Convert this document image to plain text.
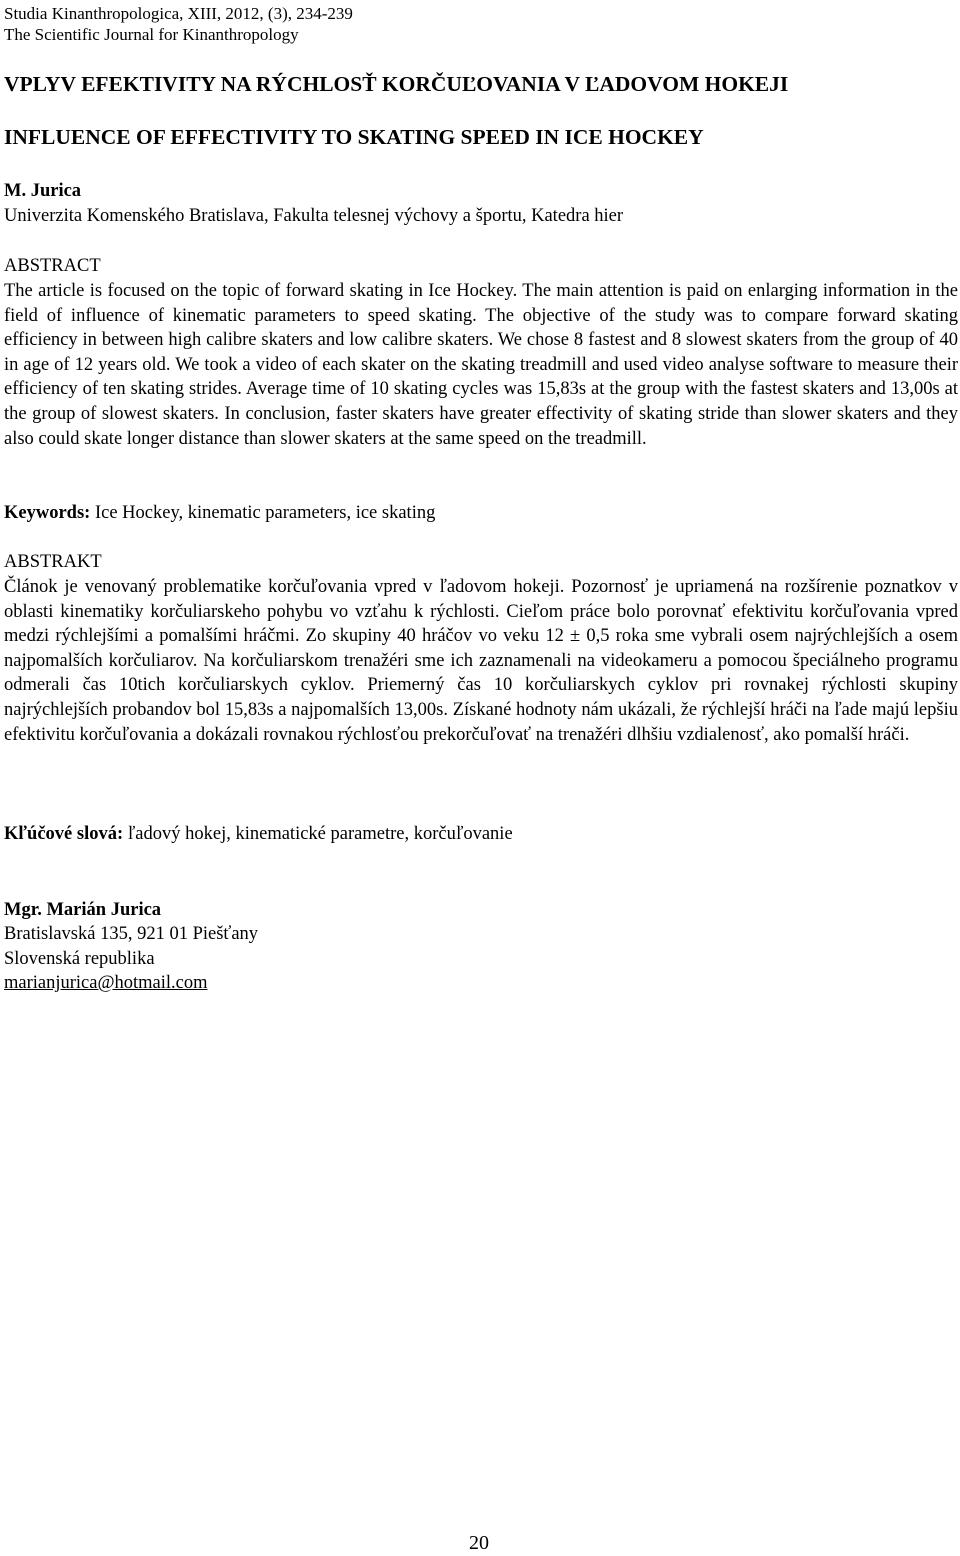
Studia Kinanthropologica, XIII, 2012, (3), 234-239
The Scientific Journal for Kinanthropology
VPLYV EFEKTIVITY NA RÝCHLOSŤ KORČUĽOVANIA V ĽADOVOM HOKEJI
INFLUENCE OF EFFECTIVITY TO SKATING SPEED IN ICE HOCKEY
M. Jurica
Univerzita Komenského Bratislava, Fakulta telesnej výchovy a športu, Katedra hier
ABSTRACT
The article is focused on the topic of forward skating in Ice Hockey. The main attention is paid on enlarging information in the field of influence of kinematic parameters to speed skating. The objective of the study was to compare forward skating efficiency in between high calibre skaters and low calibre skaters. We chose 8 fastest and 8 slowest skaters from the group of 40 in age of 12 years old. We took a video of each skater on the skating treadmill and used video analyse software to measure their efficiency of ten skating strides. Average time of 10 skating cycles was 15,83s at the group with the fastest skaters and 13,00s at the group of slowest skaters. In conclusion, faster skaters have greater effectivity of skating stride than slower skaters and they also could skate longer distance than slower skaters at the same speed on the treadmill.
Keywords: Ice Hockey, kinematic parameters, ice skating
ABSTRAKT
Článok je venovaný problematike korčuľovania vpred v ľadovom hokeji. Pozornosť je upriamená na rozšírenie poznatkov v oblasti kinematiky korčuliarskeho pohybu vo vzťahu k rýchlosti. Cieľom práce bolo porovnať efektivitu korčuľovania vpred medzi rýchlejšími a pomalšími hráčmi. Zo skupiny 40 hráčov vo veku 12 ± 0,5 roka sme vybrali osem najrýchlejších a osem najpomalších korčuliarov. Na korčuliarskom trenažéri sme ich zaznamenali na videokameru a pomocou špeciálneho programu odmerali čas 10tich korčuliarskych cyklov. Priemerný čas 10 korčuliarskych cyklov pri rovnakej rýchlosti skupiny najrýchlejších probandov bol 15,83s a najpomalších 13,00s. Získané hodnoty nám ukázali, že rýchlejší hráči na ľade majú lepšiu efektivitu korčuľovania a dokázali rovnakou rýchlosťou prekorčuľovať na trenažéri dlhšiu vzdialenosť, ako pomalší hráči.
Kľúčové slová: ľadový hokej, kinematické parametre, korčuľovanie
Mgr. Marián Jurica
Bratislavská 135, 921 01 Piešťany
Slovenská republika
marianjurica@hotmail.com
20
